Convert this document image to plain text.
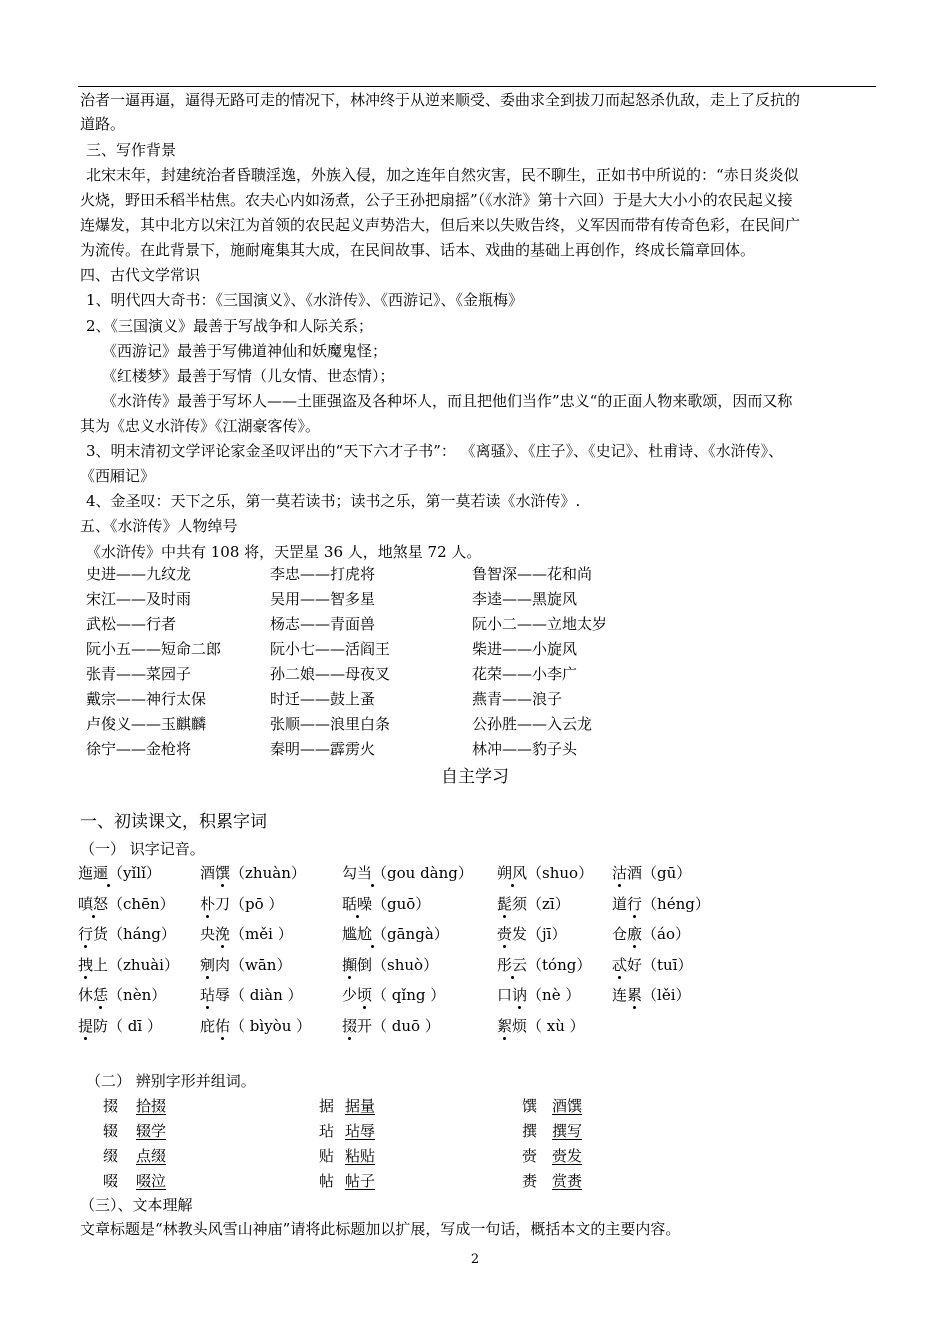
治者一逼再逼，逼得无路可走的情况下，林冲终于从逆来顺受、委曲求全到拔刀而起怒杀仇敌，走上了反抗的
道路。
三、写作背景
北宋末年，封建统治者昏聩淫逸，外族入侵，加之连年自然灾害，民不聊生，正如书中所说的：“赤日炎炎似
火烧，野田禾稻半枯焦。农夫心内如汤煮，公子王孙把扇摇”（《水浒》第十六回）于是大大小小的农民起义接
连爆发，其中北方以宋江为首领的农民起义声势浩大，但后来以失败告终，义军因而带有传奇色彩，在民间广
为流传。在此背景下，施耐庵集其大成，在民间故事、话本、戏曲的基础上再创作，终成长篇章回体。
四、古代文学常识
1、明代四大奇书：《三国演义》、《水浒传》、《西游记》、《金瓶梅》
2、《三国演义》最善于写战争和人际关系；
《西游记》最善于写佛道神仙和妖魔鬼怪；
《红楼梦》最善于写情（儿女情、世态情）；
《水浒传》最善于写坏人——土匪强盗及各种坏人，而且把他们当作”忠义“的正面人物来歌颂，因而又称
其为《忠义水浒传》《江湖豪客传》。
3、明末清初文学评论家金圣叹评出的“天下六才子书”： 《离骚》、《庄子》、《史记》、杜甫诗、《水浒传》、
《西厢记》
4、金圣叹：天下之乐，第一莫若读书；读书之乐，第一莫若读《水浒传》.
五、《水浒传》人物绰号
《水浒传》中共有 108 将，天罡星 36 人，地煞星 72 人。
史进——九纹龙	李忠——打虎将	鲁智深——花和尚
宋江——及时雨	吴用——智多星	李逵——黑旋风
武松——行者	杨志——青面兽	阮小二——立地太岁
阮小五——短命二郎	阮小七——活阎王	柴进——小旋风
张青——菜园子	孙二娘——母夜叉	花荣——小李广
戴宗——神行太保	时迁——鼓上蚤	燕青——浪子
卢俊义——玉麒麟	张顺——浪里白条	公孙胜——入云龙
徐宁——金枪将	秦明——霹雳火	林冲——豹子头
自主学习
一、初读课文，积累字词
（一） 识字记音。
迤逦（yǐlǐ）	酒馔（zhuàn） 勾当（gou dàng） 朔风（shuo） 沽酒（gū）
嗔怒（chēn） 朴刀（pō ）	聒噪（guō）	髭须（zī）	道行（héng）
行货（háng） 央浼（měi ）	尴尬（gāngà）	赍发（jī）	仓廒（áo）
拽上（zhuài） 剜肉（wān）	攧倒（shuò）	彤云（tóng） 忒好（tuī）
休恁（nèn） 玷辱（ diàn ）	少顷（ qǐng ）	口讷（nè ） 连累（lěi）
提防（ dī ）	庇佑（ bìyòu ） 掇开（ duō ）	絮烦（ xù ）
（二） 辨别字形并组词。
掇 拾掇	据 据量	馔 酒馔
辍 辍学	玷 玷辱	撰 撰写
缀 点缀	贴 粘贴	赍 赍发
啜 啜泣	帖 帖子	赉 赏赉
（三）、文本理解
文章标题是“林教头风雪山神庙”请将此标题加以扩展，写成一句话，概括本文的主要内容。
2
